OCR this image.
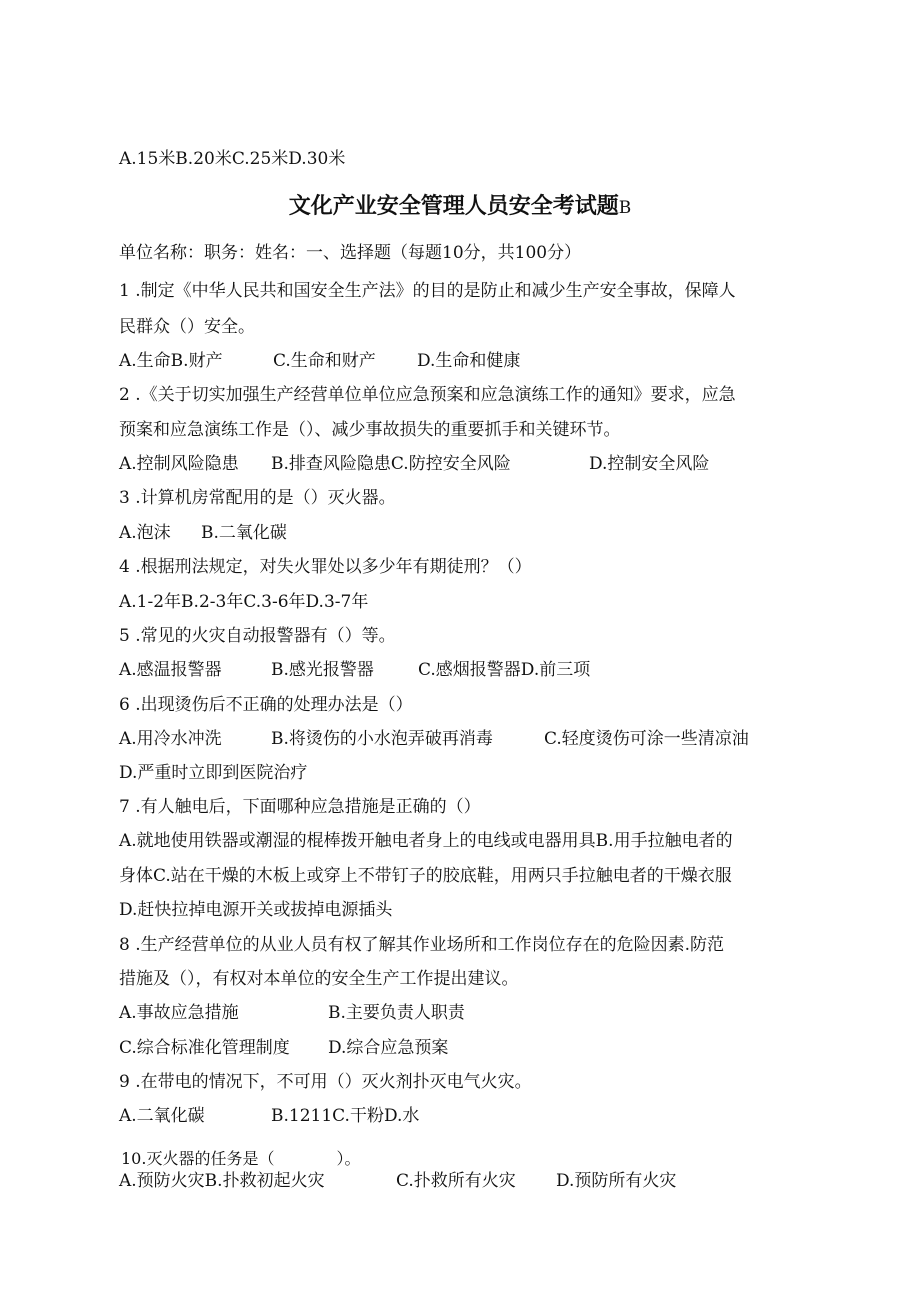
A.15米B.20米C.25米D.30米
文化产业安全管理人员安全考试题B
单位名称：职务：姓名：一、选择题（每题10分，共100分）
1 .制定《中华人民共和国安全生产法》的目的是防止和减少生产安全事故，保障人
民群众（）安全。
A.生命B.财产	C.生命和财产 D.生命和健康
2 .《关于切实加强生产经营单位单位应急预案和应急演练工作的通知》要求，应急
预案和应急演练工作是（）、减少事故损失的重要抓手和关键环节。
A.控制风险隐患 B.排查风险隐患C.防控安全风险	D.控制安全风险
3 .计算机房常配用的是（）灭火器。
A.泡沫 B.二氧化碳
4 .根据刑法规定，对失火罪处以多少年有期徒刑？（）
A.1-2年B.2-3年C.3-6年D.3-7年
5 .常见的火灾自动报警器有（）等。
A.感温报警器	B.感光报警器	C.感烟报警器D.前三项
6 .出现烫伤后不正确的处理办法是（）
A.用冷水冲洗	B.将烫伤的小水泡弄破再消毒	C.轻度烫伤可涂一些清凉油
D.严重时立即到医院治疗
7 .有人触电后，下面哪种应急措施是正确的（）
A.就地使用铁器或潮湿的棍棒拨开触电者身上的电线或电器用具B.用手拉触电者的
身体C.站在干燥的木板上或穿上不带钉子的胶底鞋，用两只手拉触电者的干燥衣服
D.赶快拉掉电源开关或拔掉电源插头
8 .生产经营单位的从业人员有权了解其作业场所和工作岗位存在的危险因素.防范
措施及（），有权对本单位的安全生产工作提出建议。
A.事故应急措施	B.主要负责人职责
C.综合标准化管理制度 D.综合应急预案
9 .在带电的情况下，不可用（）灭火剂扑灭电气火灾。
A.二氧化碳	B.1211C.干粉D.水
10.灭火器的任务是（	）。
A.预防火灾B.扑救初起火灾	C.扑救所有火灾 D.预防所有火灾
